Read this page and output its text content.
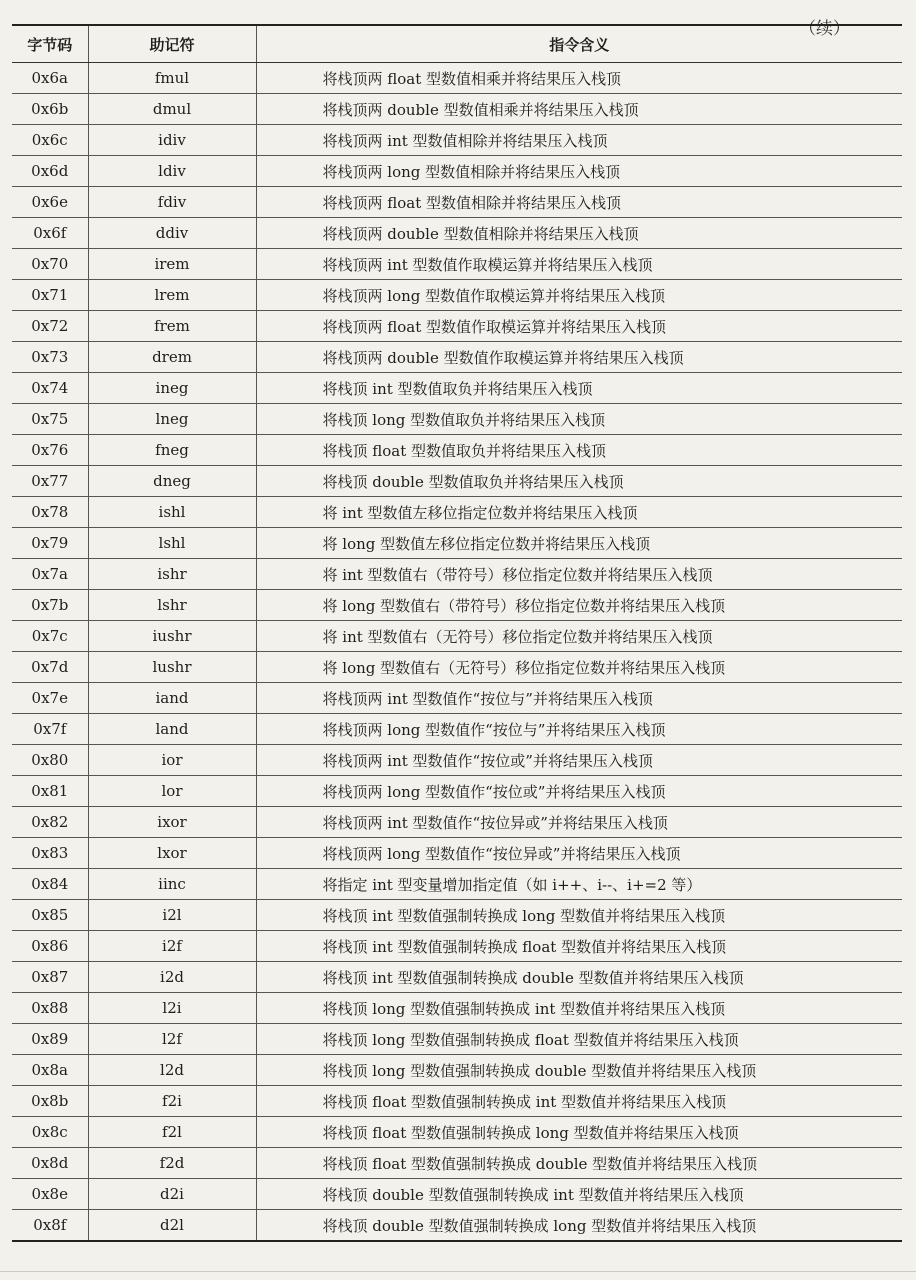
（续）
字节码	助记符	指令含义
0x6a	fmul	将栈顶两 float 型数值相乘并将结果压入栈顶
0x6b	dmul	将栈顶两 double 型数值相乘并将结果压入栈顶
0x6c	idiv	将栈顶两 int 型数值相除并将结果压入栈顶
0x6d	ldiv	将栈顶两 long 型数值相除并将结果压入栈顶
0x6e	fdiv	将栈顶两 float 型数值相除并将结果压入栈顶
0x6f	ddiv	将栈顶两 double 型数值相除并将结果压入栈顶
0x70	irem	将栈顶两 int 型数值作取模运算并将结果压入栈顶
0x71	lrem	将栈顶两 long 型数值作取模运算并将结果压入栈顶
0x72	frem	将栈顶两 float 型数值作取模运算并将结果压入栈顶
0x73	drem	将栈顶两 double 型数值作取模运算并将结果压入栈顶
0x74	ineg	将栈顶 int 型数值取负并将结果压入栈顶
0x75	lneg	将栈顶 long 型数值取负并将结果压入栈顶
0x76	fneg	将栈顶 float 型数值取负并将结果压入栈顶
0x77	dneg	将栈顶 double 型数值取负并将结果压入栈顶
0x78	ishl	将 int 型数值左移位指定位数并将结果压入栈顶
0x79	lshl	将 long 型数值左移位指定位数并将结果压入栈顶
0x7a	ishr	将 int 型数值右（带符号）移位指定位数并将结果压入栈顶
0x7b	lshr	将 long 型数值右（带符号）移位指定位数并将结果压入栈顶
0x7c	iushr	将 int 型数值右（无符号）移位指定位数并将结果压入栈顶
0x7d	lushr	将 long 型数值右（无符号）移位指定位数并将结果压入栈顶
0x7e	iand	将栈顶两 int 型数值作“按位与”并将结果压入栈顶
0x7f	land	将栈顶两 long 型数值作“按位与”并将结果压入栈顶
0x80	ior	将栈顶两 int 型数值作“按位或”并将结果压入栈顶
0x81	lor	将栈顶两 long 型数值作“按位或”并将结果压入栈顶
0x82	ixor	将栈顶两 int 型数值作“按位异或”并将结果压入栈顶
0x83	lxor	将栈顶两 long 型数值作“按位异或”并将结果压入栈顶
0x84	iinc	将指定 int 型变量增加指定值（如 i++、i--、i+=2 等）
0x85	i2l	将栈顶 int 型数值强制转换成 long 型数值并将结果压入栈顶
0x86	i2f	将栈顶 int 型数值强制转换成 float 型数值并将结果压入栈顶
0x87	i2d	将栈顶 int 型数值强制转换成 double 型数值并将结果压入栈顶
0x88	l2i	将栈顶 long 型数值强制转换成 int 型数值并将结果压入栈顶
0x89	l2f	将栈顶 long 型数值强制转换成 float 型数值并将结果压入栈顶
0x8a	l2d	将栈顶 long 型数值强制转换成 double 型数值并将结果压入栈顶
0x8b	f2i	将栈顶 float 型数值强制转换成 int 型数值并将结果压入栈顶
0x8c	f2l	将栈顶 float 型数值强制转换成 long 型数值并将结果压入栈顶
0x8d	f2d	将栈顶 float 型数值强制转换成 double 型数值并将结果压入栈顶
0x8e	d2i	将栈顶 double 型数值强制转换成 int 型数值并将结果压入栈顶
0x8f	d2l	将栈顶 double 型数值强制转换成 long 型数值并将结果压入栈顶
